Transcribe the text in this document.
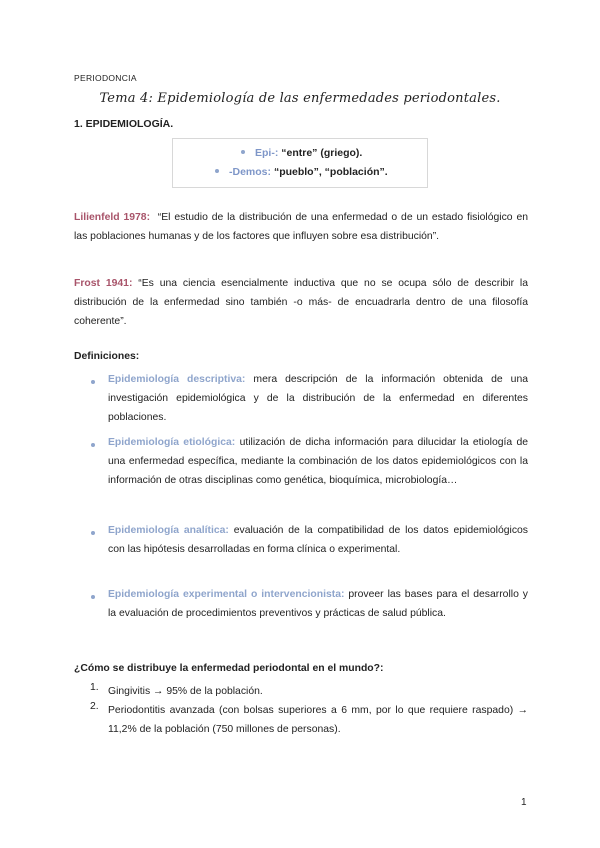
PERIODONCIA
Tema 4: Epidemiología de las enfermedades periodontales.
1. EPIDEMIOLOGÍA.
Epi-: “entre” (griego).
-Demos: “pueblo”, “población”.
Lilienfeld 1978: “El estudio de la distribución de una enfermedad o de un estado fisiológico en las poblaciones humanas y de los factores que influyen sobre esa distribución”.
Frost 1941: “Es una ciencia esencialmente inductiva que no se ocupa sólo de describir la distribución de la enfermedad sino también -o más- de encuadrarla dentro de una filosofía coherente”.
Definiciones:
Epidemiología descriptiva: mera descripción de la información obtenida de una investigación epidemiológica y de la distribución de la enfermedad en diferentes poblaciones.
Epidemiología etiológica: utilización de dicha información para dilucidar la etiología de una enfermedad específica, mediante la combinación de los datos epidemiológicos con la información de otras disciplinas como genética, bioquímica, microbiología…
Epidemiología analítica: evaluación de la compatibilidad de los datos epidemiológicos con las hipótesis desarrolladas en forma clínica o experimental.
Epidemiología experimental o intervencionista: proveer las bases para el desarrollo y la evaluación de procedimientos preventivos y prácticas de salud pública.
¿Cómo se distribuye la enfermedad periodontal en el mundo?:
1. Gingivitis → 95% de la población.
2. Periodontitis avanzada (con bolsas superiores a 6 mm, por lo que requiere raspado) → 11,2% de la población (750 millones de personas).
1
